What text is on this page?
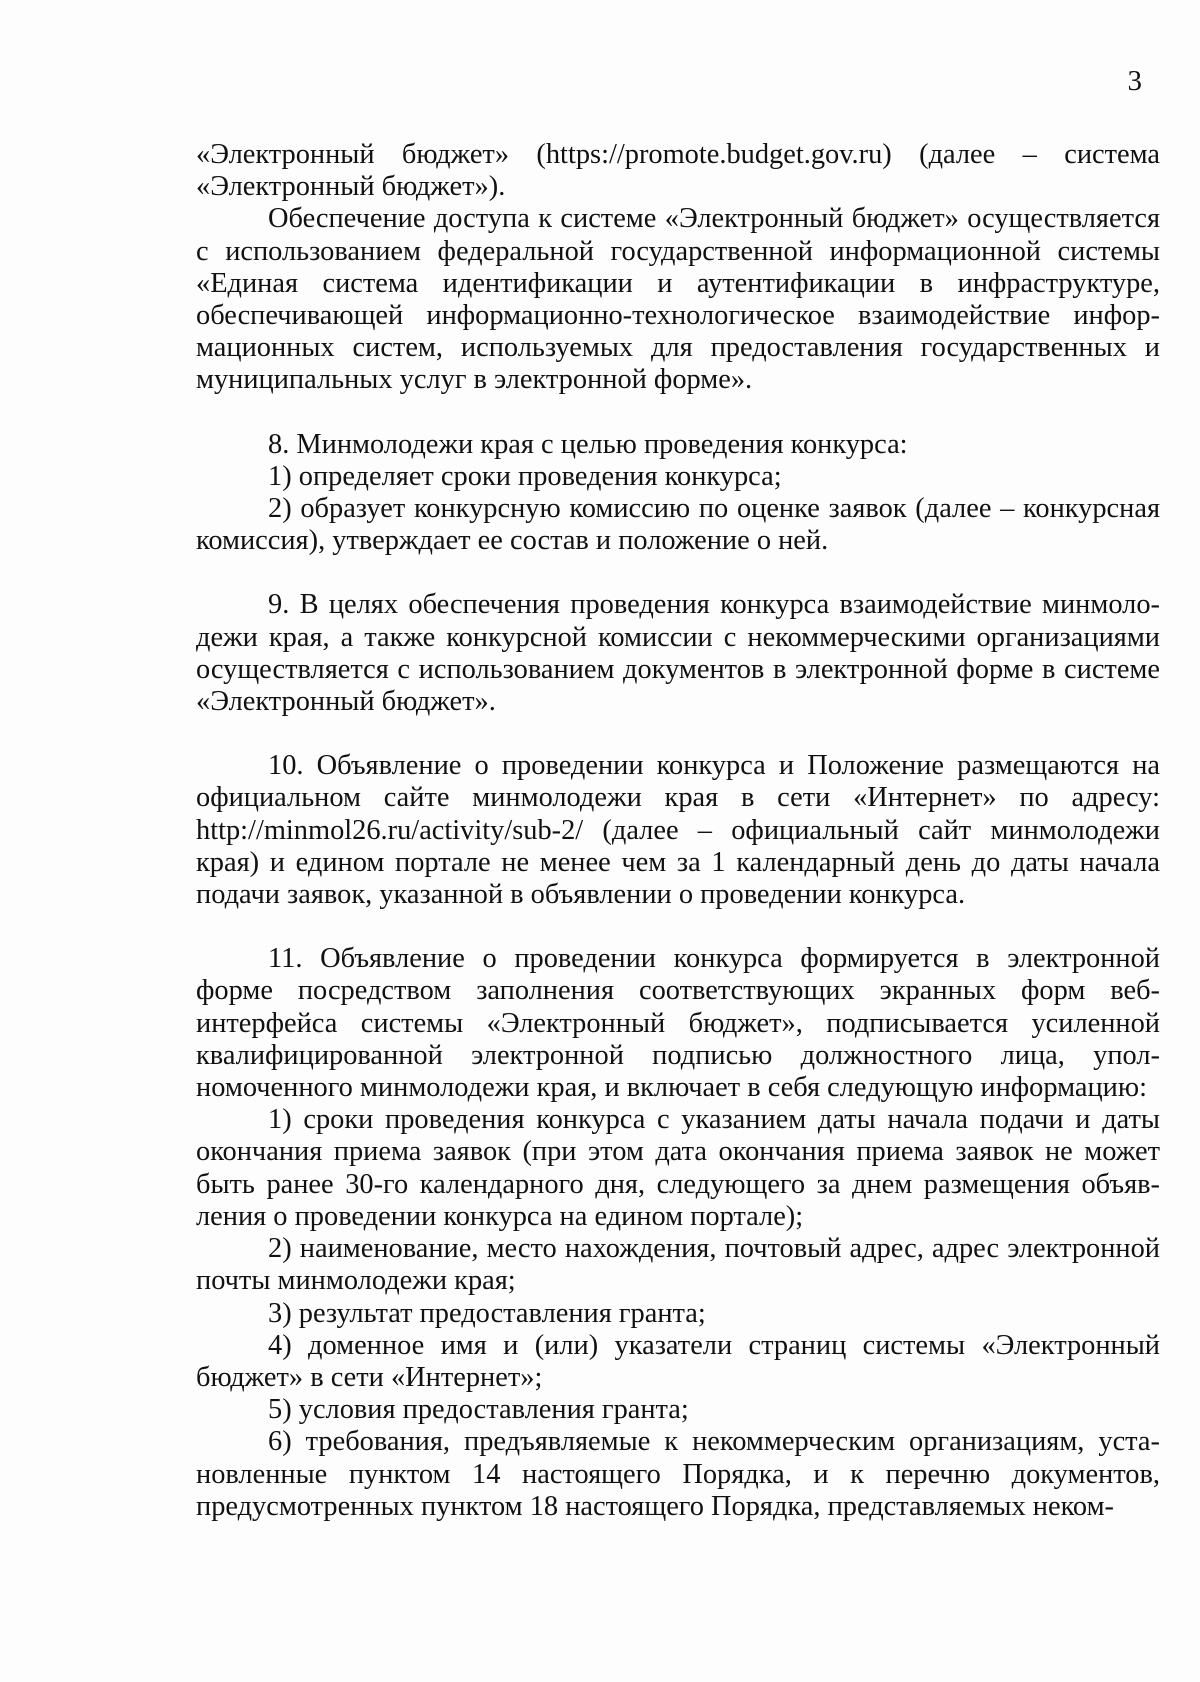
3

«Электронный бюджет» (https://promote.budget.gov.ru) (далее – система «Электронный бюджет»).

Обеспечение доступа к системе «Электронный бюджет» осуществляется с использованием федеральной государственной информационной системы «Единая система идентификации и аутентификации в инфраструктуре, обеспечивающей информационно-технологическое взаимодействие информационных систем, используемых для предоставления государственных и муниципальных услуг в электронной форме».

8. Минмолодежи края с целью проведения конкурса:

1) определяет сроки проведения конкурса;

2) образует конкурсную комиссию по оценке заявок (далее – конкурсная комиссия), утверждает ее состав и положение о ней.

9. В целях обеспечения проведения конкурса взаимодействие минмолодежи края, а также конкурсной комиссии с некоммерческими организациями осуществляется с использованием документов в электронной форме в системе «Электронный бюджет».

10. Объявление о проведении конкурса и Положение размещаются на официальном сайте минмолодежи края в сети «Интернет» по адресу: http://minmol26.ru/activity/sub-2/ (далее – официальный сайт минмолодежи края) и едином портале не менее чем за 1 календарный день до даты начала подачи заявок, указанной в объявлении о проведении конкурса.

11. Объявление о проведении конкурса формируется в электронной форме посредством заполнения соответствующих экранных форм веб-интерфейса системы «Электронный бюджет», подписывается усиленной квалифицированной электронной подписью должностного лица, уполномоченного минмолодежи края, и включает в себя следующую информацию:

1) сроки проведения конкурса с указанием даты начала подачи и даты окончания приема заявок (при этом дата окончания приема заявок не может быть ранее 30-го календарного дня, следующего за днем размещения объявления о проведении конкурса на едином портале);

2) наименование, место нахождения, почтовый адрес, адрес электронной почты минмолодежи края;

3) результат предоставления гранта;

4) доменное имя и (или) указатели страниц системы «Электронный бюджет» в сети «Интернет»;

5) условия предоставления гранта;

6) требования, предъявляемые к некоммерческим организациям, установленные пунктом 14 настоящего Порядка, и к перечню документов, предусмотренных пунктом 18 настоящего Порядка, представляемых неком-
